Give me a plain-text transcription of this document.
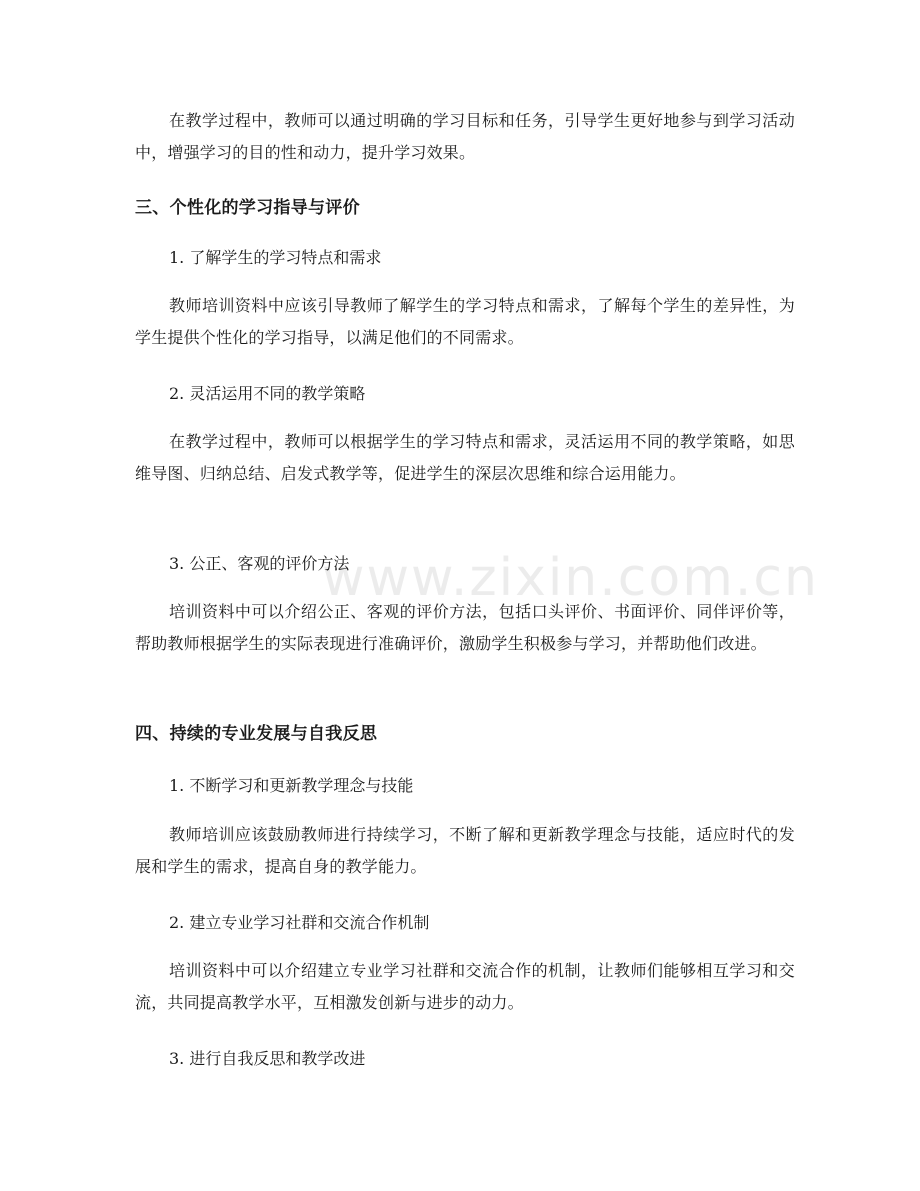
www.zixin.com.cn

在教学过程中，教师可以通过明确的学习目标和任务，引导学生更好地参与到学习活动中，增强学习的目的性和动力，提升学习效果。

三、个性化的学习指导与评价

1. 了解学生的学习特点和需求

教师培训资料中应该引导教师了解学生的学习特点和需求，了解每个学生的差异性，为学生提供个性化的学习指导，以满足他们的不同需求。

2. 灵活运用不同的教学策略

在教学过程中，教师可以根据学生的学习特点和需求，灵活运用不同的教学策略，如思维导图、归纳总结、启发式教学等，促进学生的深层次思维和综合运用能力。

3. 公正、客观的评价方法

培训资料中可以介绍公正、客观的评价方法，包括口头评价、书面评价、同伴评价等，帮助教师根据学生的实际表现进行准确评价，激励学生积极参与学习，并帮助他们改进。

四、持续的专业发展与自我反思

1. 不断学习和更新教学理念与技能

教师培训应该鼓励教师进行持续学习，不断了解和更新教学理念与技能，适应时代的发展和学生的需求，提高自身的教学能力。

2. 建立专业学习社群和交流合作机制

培训资料中可以介绍建立专业学习社群和交流合作的机制，让教师们能够相互学习和交流，共同提高教学水平，互相激发创新与进步的动力。

3. 进行自我反思和教学改进
